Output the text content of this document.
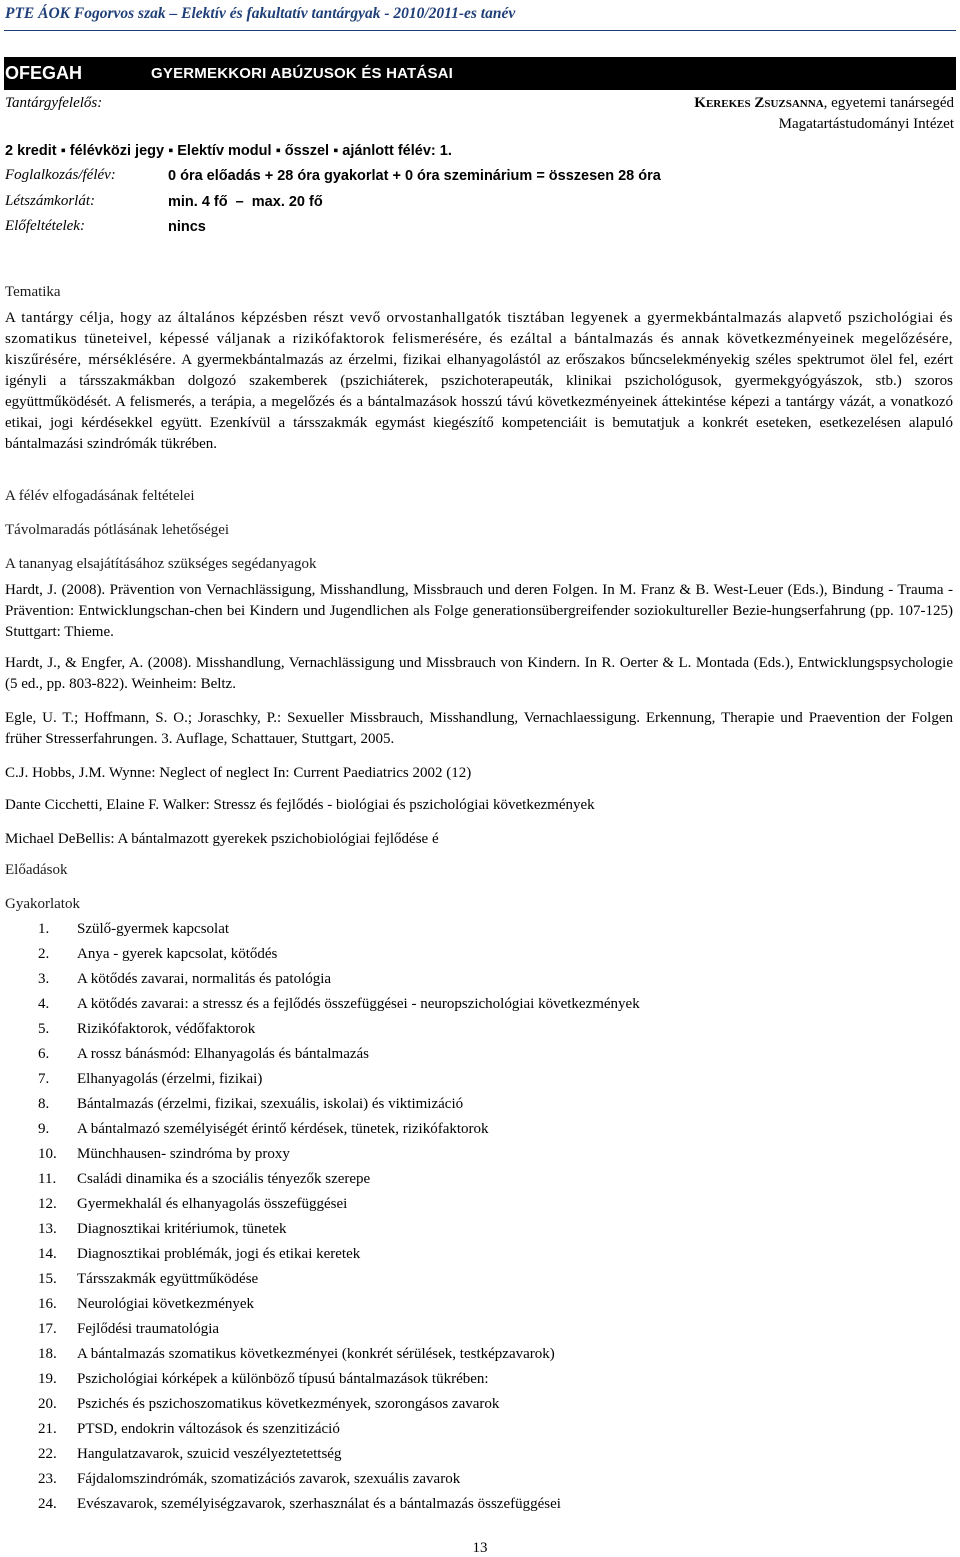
PTE ÁOK Fogorvos szak – Elektív és fakultatív tantárgyak - 2010/2011-es tanév
OFEGAH	GYERMEKKORI ABÚZUSOK ÉS HATÁSAI
Tantárgyfelelős:	Kerekes Zsuzsanna, egyetemi tanársegéd
Magatartástudományi Intézet
2 kredit ▪ félévközi jegy ▪ Elektív modul ▪ ősszel ▪ ajánlott félév: 1.
Foglalkozás/félév:	0 óra előadás + 28 óra gyakorlat + 0 óra szeminárium = összesen 28 óra
Létszámkorlát:	min. 4 fő  –  max. 20 fő
Előfeltételek:	nincs
Tematika
A tantárgy célja, hogy az általános képzésben részt vevő orvostanhallgatók tisztában legyenek a gyermekbántalmazás alapvető pszichológiai és szomatikus tüneteivel, képessé váljanak a rizikófaktorok felismerésére, és ezáltal a bántalmazás és annak következményeinek megelőzésére, kiszűrésére, mérséklésére. A gyermekbántalmazás az érzelmi, fizikai elhanyagolástól az erőszakos bűncselekményekig széles spektrumot ölel fel, ezért igényli a társszakmákban dolgozó szakemberek (pszichiáterek, pszichoterapeuták, klinikai pszichológusok, gyermekgyógyászok, stb.) szoros együttműködését. A felismerés, a terápia, a megelőzés és a bántalmazások hosszú távú következményeinek áttekintése képezi a tantárgy vázát, a vonatkozó etikai, jogi kérdésekkel együtt. Ezenkívül a társszakmák egymást kiegészítő kompetenciáit is bemutatjuk a konkrét eseteken, esetkezelésen alapuló bántalmazási szindrómák tükrében.
A félév elfogadásának feltételei
Távolmaradás pótlásának lehetőségei
A tananyag elsajátításához szükséges segédanyagok
Hardt, J. (2008). Prävention von Vernachlässigung, Misshandlung, Missbrauch und deren Folgen. In M. Franz & B. West-Leuer (Eds.), Bindung - Trauma - Prävention: Entwicklungschan-chen bei Kindern und Jugendlichen als Folge generationsübergreifender soziokultureller Bezie-hungserfahrung (pp. 107-125) Stuttgart: Thieme.
Hardt, J., & Engfer, A. (2008). Misshandlung, Vernachlässigung und Missbrauch von Kindern. In R. Oerter & L. Montada (Eds.), Entwicklungspsychologie (5 ed., pp. 803-822). Weinheim: Beltz.
Egle, U. T.; Hoffmann, S. O.; Joraschky, P.: Sexueller Missbrauch, Misshandlung, Vernachlaessigung. Erkennung, Therapie und Praevention der Folgen früher Stresserfahrungen. 3. Auflage, Schattauer, Stuttgart, 2005.
C.J. Hobbs, J.M. Wynne: Neglect of neglect In: Current Paediatrics 2002 (12)
Dante Cicchetti, Elaine F. Walker: Stressz és fejlődés - biológiai és pszichológiai következmények
Michael DeBellis: A bántalmazott gyerekek pszichobiológiai fejlődése é
Előadások
Gyakorlatok
1.	Szülő-gyermek kapcsolat
2.	Anya - gyerek kapcsolat, kötődés
3.	A kötődés zavarai, normalitás és patológia
4.	A kötődés zavarai: a stressz és a fejlődés összefüggései - neuropszichológiai következmények
5.	Rizikófaktorok, védőfaktorok
6.	A rossz bánásmód: Elhanyagolás és bántalmazás
7.	Elhanyagolás (érzelmi, fizikai)
8.	Bántalmazás (érzelmi, fizikai, szexuális, iskolai) és viktimizáció
9.	A bántalmazó személyiségét érintő kérdések, tünetek, rizikófaktorok
10.	Münchhausen- szindróma by proxy
11.	Családi dinamika és a szociális tényezők szerepe
12.	Gyermekhalál és elhanyagolás összefüggései
13.	Diagnosztikai kritériumok, tünetek
14.	Diagnosztikai problémák, jogi és etikai keretek
15.	Társszakmák együttműködése
16.	Neurológiai következmények
17.	Fejlődési traumatológia
18.	A bántalmazás szomatikus következményei (konkrét sérülések, testképzavarok)
19.	Pszichológiai kórképek a különböző típusú bántalmazások tükrében:
20.	Pszichés és pszichoszomatikus következmények, szorongásos zavarok
21.	PTSD, endokrin változások és szenzitizáció
22.	Hangulatzavarok, szuicid veszélyeztetettség
23.	Fájdalomszindrómák, szomatizációs zavarok, szexuális zavarok
24.	Evészavarok, személyiségzavarok, szerhasználat és a bántalmazás összefüggései
13
